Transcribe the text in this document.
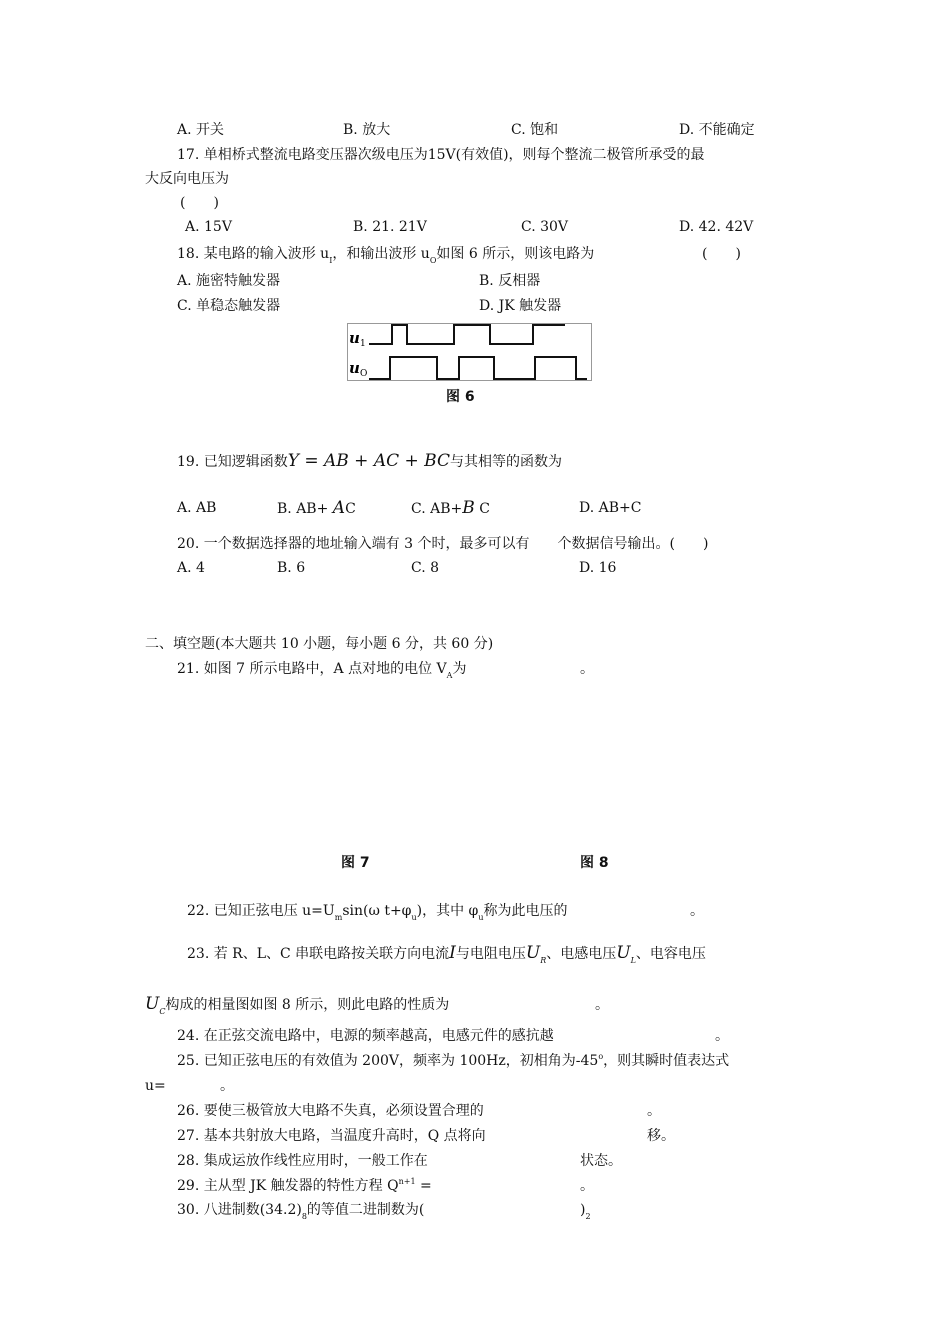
A. 开关	B. 放大	C. 饱和	D. 不能确定
17. 单相桥式整流电路变压器次级电压为15V(有效值)，则每个整流二极管所承受的最
大反向电压为
(　　)
A. 15V	B. 21. 21V	C. 30V	D. 42. 42V
18. 某电路的输入波形 $u_I$，和输出波形 $u_O$如图 6 所示，则该电路为	(　　)
A. 施密特触发器	B. 反相器
C. 单稳态触发器	D. JK 触发器
u 1
u O
图 6
19. 已知逻辑函数Y = AB + AC + BC与其相等的函数为
A. AB	B. AB+ AC	C. AB+B C	D. AB+C
20. 一个数据选择器的地址输入端有 3 个时，最多可以有　　个数据信号输出。(　　)
A. 4	B. 6	C. 8	D. 16
二、填空题(本大题共 10 小题，每小题 6 分，共 60 分)
21. 如图 7 所示电路中，A 点对地的电位 $V_A$为	。
图 7	图 8
22. 已知正弦电压 $u=U_m\sin(\omega$ $t+\varphi_u$)，其中 $\varphi_u$称为此电压的	。
23. 若 R、L、C 串联电路按关联方向电流I与电阻电压$U_R$、电感电压$U_L$、电容电压
$U_C$构成的相量图如图 8 所示，则此电路的性质为	。
24. 在正弦交流电路中，电源的频率越高，电感元件的感抗越	。
25. 已知正弦电压的有效值为 200V，频率为 100Hz，初相角为-45$^o$，则其瞬时值表达式
u=	。
26. 要使三极管放大电路不失真，必须设置合理的	。
27. 基本共射放大电路，当温度升高时，Q 点将向	移。
28. 集成运放作线性应用时，一般工作在	状态。
29. 主从型 JK 触发器的特性方程 $Q^{n+1}$ =	。
30. 八进制数$(34.2)_8$的等值二进制数为(	)$_2$
